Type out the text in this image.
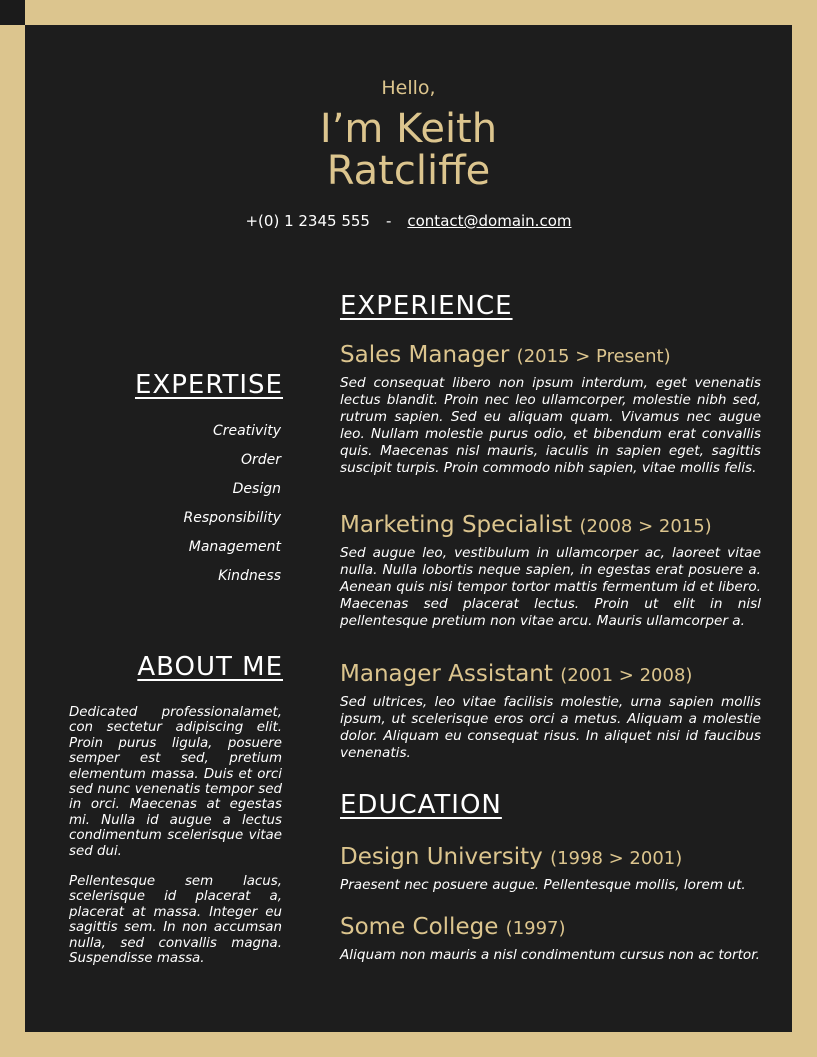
Hello,
I’m Keith
Ratcliffe
+(0) 1 2345 555 - contact@domain.com
EXPERTISE
Creativity
Order
Design
Responsibility
Management
Kindness
ABOUT ME

Dedicated professionalamet, con sectetur adipiscing elit. Proin purus ligula, posuere semper est sed, pretium elementum massa. Duis et orci sed nunc venenatis tempor sed in orci. Maecenas at egestas mi. Nulla id augue a lectus condimentum scelerisque vitae sed dui.

Pellentesque sem lacus, scelerisque id placerat a, placerat at massa. Integer eu sagittis sem. In non accumsan nulla, sed convallis magna. Suspendisse massa.

EXPERIENCE
Sales Manager (2015 > Present)
Sed consequat libero non ipsum interdum, eget venenatis lectus blandit. Proin nec leo ullamcorper, molestie nibh sed, rutrum sapien. Sed eu aliquam quam. Vivamus nec augue leo. Nullam molestie purus odio, et bibendum erat convallis quis. Maecenas nisl mauris, iaculis in sapien eget, sagittis suscipit turpis. Proin commodo nibh sapien, vitae mollis felis.
Marketing Specialist (2008 > 2015)
Sed augue leo, vestibulum in ullamcorper ac, laoreet vitae nulla. Nulla lobortis neque sapien, in egestas erat posuere a. Aenean quis nisi tempor tortor mattis fermentum id et libero. Maecenas sed placerat lectus. Proin ut elit in nisl pellentesque pretium non vitae arcu. Mauris ullamcorper a.
Manager Assistant (2001 > 2008)
Sed ultrices, leo vitae facilisis molestie, urna sapien mollis ipsum, ut scelerisque eros orci a metus. Aliquam a molestie dolor. Aliquam eu consequat risus. In aliquet nisi id faucibus venenatis.
EDUCATION
Design University (1998 > 2001)
Praesent nec posuere augue. Pellentesque mollis, lorem ut.
Some College (1997)
Aliquam non mauris a nisl condimentum cursus non ac tortor.
